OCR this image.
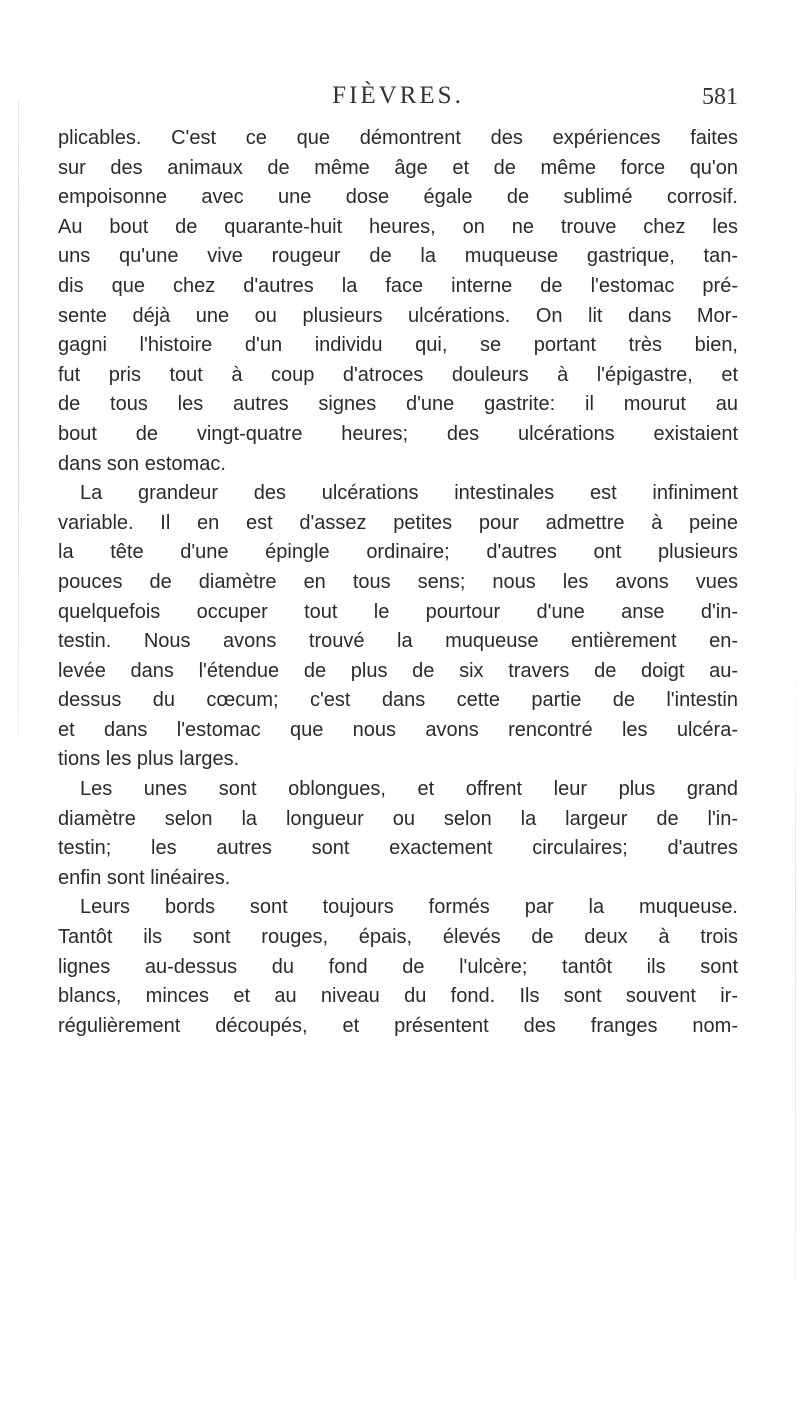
FIÈVRES.	581
plicables. C'est ce que démontrent des expériences faites
sur des animaux de même âge et de même force qu'on
empoisonne avec une dose égale de sublimé corrosif.
Au bout de quarante-huit heures, on ne trouve chez les
uns qu'une vive rougeur de la muqueuse gastrique, tan-
dis que chez d'autres la face interne de l'estomac pré-
sente déjà une ou plusieurs ulcérations. On lit dans Mor-
gagni l'histoire d'un individu qui, se portant très bien,
fut pris tout à coup d'atroces douleurs à l'épigastre, et
de tous les autres signes d'une gastrite: il mourut au
bout de vingt-quatre heures; des ulcérations existaient
dans son estomac.
La grandeur des ulcérations intestinales est infiniment
variable. Il en est d'assez petites pour admettre à peine
la tête d'une épingle ordinaire; d'autres ont plusieurs
pouces de diamètre en tous sens; nous les avons vues
quelquefois occuper tout le pourtour d'une anse d'in-
testin. Nous avons trouvé la muqueuse entièrement en-
levée dans l'étendue de plus de six travers de doigt au-
dessus du cœcum; c'est dans cette partie de l'intestin
et dans l'estomac que nous avons rencontré les ulcéra-
tions les plus larges.
Les unes sont oblongues, et offrent leur plus grand
diamètre selon la longueur ou selon la largeur de l'in-
testin; les autres sont exactement circulaires; d'autres
enfin sont linéaires.
Leurs bords sont toujours formés par la muqueuse.
Tantôt ils sont rouges, épais, élevés de deux à trois
lignes au-dessus du fond de l'ulcère; tantôt ils sont
blancs, minces et au niveau du fond. Ils sont souvent ir-
régulièrement découpés, et présentent des franges nom-
